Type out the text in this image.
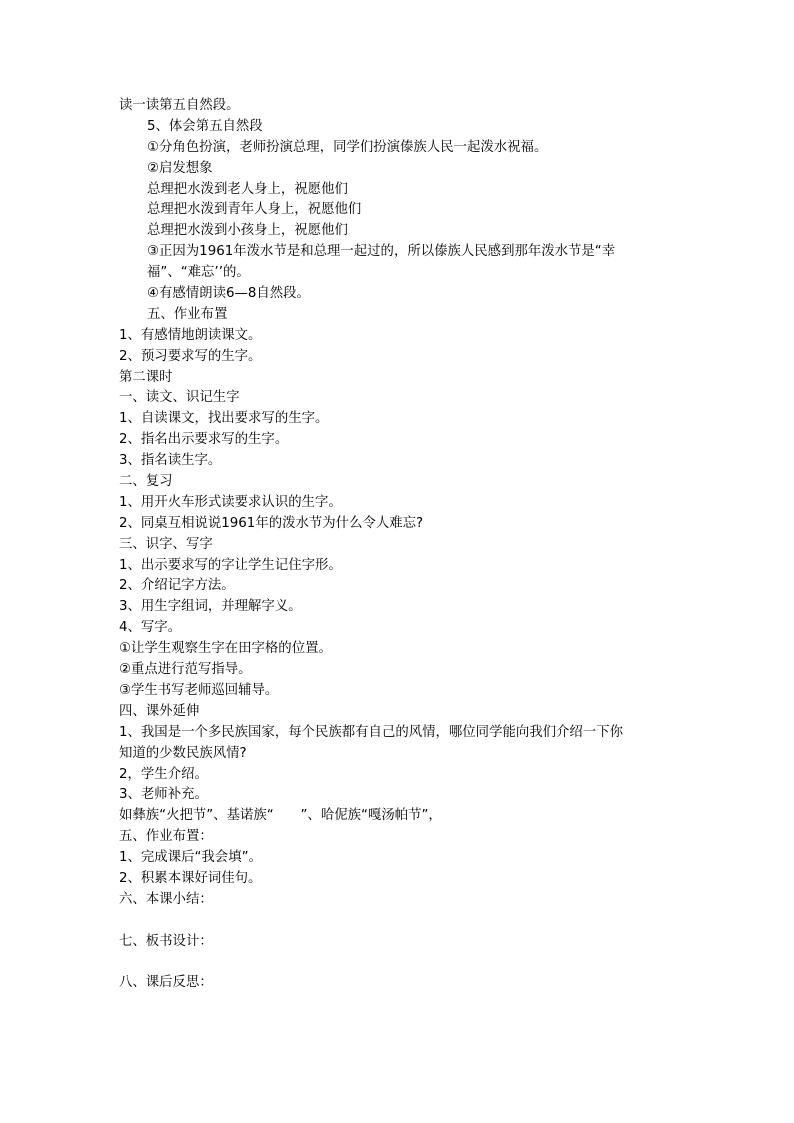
读一读第五自然段。
5、体会第五自然段
①分角色扮演，老师扮演总理，同学们扮演傣族人民一起泼水祝福。
②启发想象
总理把水泼到老人身上，祝愿他们
总理把水泼到青年人身上，祝愿他们
总理把水泼到小孩身上，祝愿他们
③正因为1961年泼水节是和总理一起过的，所以傣族人民感到那年泼水节是“幸
福”、“难忘’’的。
④有感情朗读6—8自然段。
五、作业布置
1、有感情地朗读课文。
2、预习要求写的生字。
第二课时
一、读文、识记生字
1、自读课文，找出要求写的生字。
2、指名出示要求写的生字。
3、指名读生字。
二、复习
1、用开火车形式读要求认识的生字。
2、同桌互相说说1961年的泼水节为什么令人难忘?
三、识字、写字
1、出示要求写的字让学生记住字形。
2、介绍记字方法。
3、用生字组词，并理解字义。
4、写字。
①让学生观察生字在田字格的位置。
②重点进行范写指导。
③学生书写老师巡回辅导。
四、课外延伸
1、我国是一个多民族国家，每个民族都有自己的风情，哪位同学能向我们介绍一下你
知道的少数民族风情?
2，学生介绍。
3、老师补充。
如彝族“火把节”、基诺族“　　”、哈伲族“嘎汤帕节”，
五、作业布置：
1、完成课后“我会填”。
2、积累本课好词佳句。
六、本课小结：
七、板书设计：
八、课后反思：
